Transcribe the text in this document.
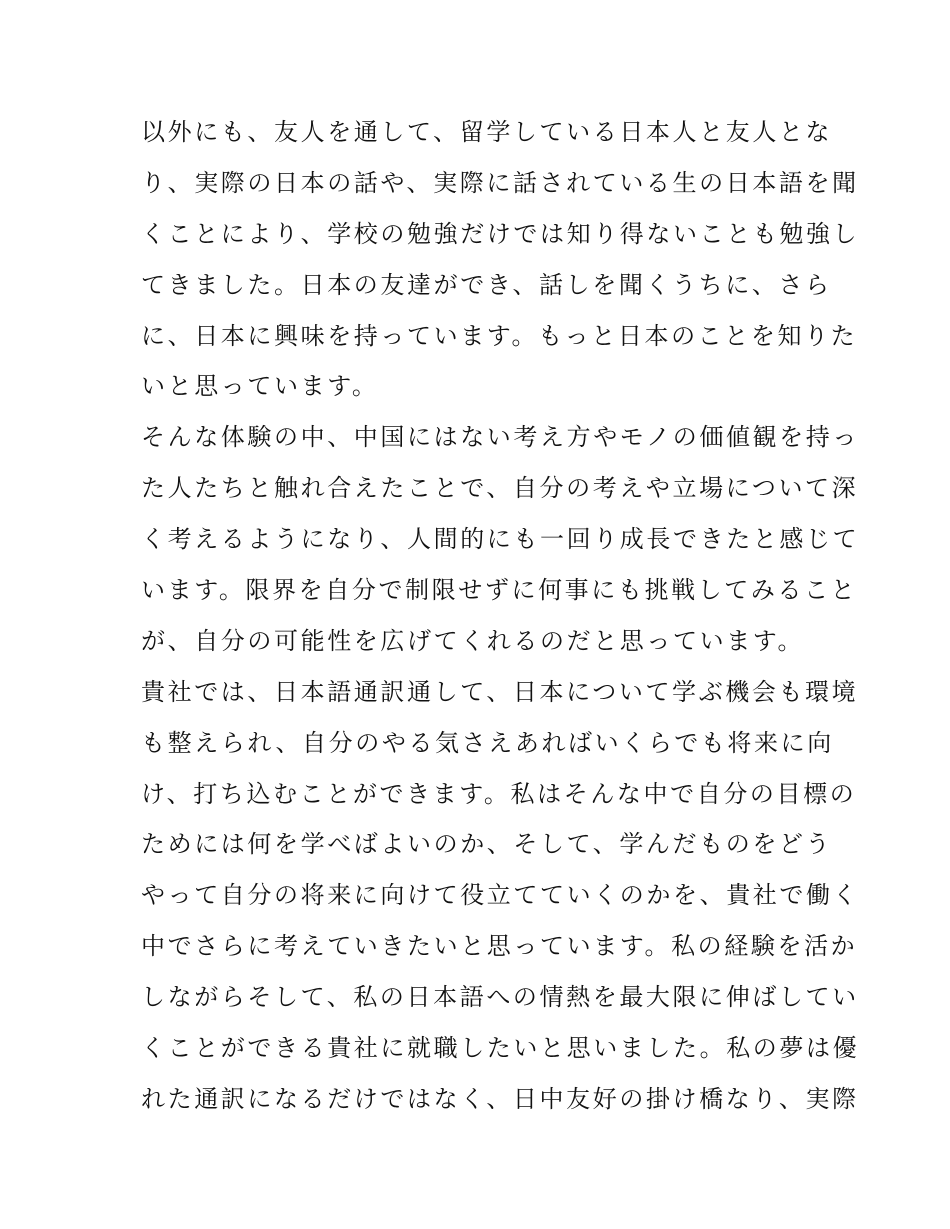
以外にも、友人を通して、留学している日本人と友人とな
り、実際の日本の話や、実際に話されている生の日本語を聞
くことにより、学校の勉強だけでは知り得ないことも勉強し
てきました。日本の友達ができ、話しを聞くうちに、さら
に、日本に興味を持っています。もっと日本のことを知りた
いと思っています。
そんな体験の中、中国にはない考え方やモノの価値観を持っ
た人たちと触れ合えたことで、自分の考えや立場について深
く考えるようになり、人間的にも一回り成長できたと感じて
います。限界を自分で制限せずに何事にも挑戦してみること
が、自分の可能性を広げてくれるのだと思っています。
貴社では、日本語通訳通して、日本について学ぶ機会も環境
も整えられ、自分のやる気さえあればいくらでも将来に向
け、打ち込むことができます。私はそんな中で自分の目標の
ためには何を学べばよいのか、そして、学んだものをどう
やって自分の将来に向けて役立てていくのかを、貴社で働く
中でさらに考えていきたいと思っています。私の経験を活か
しながらそして、私の日本語への情熱を最大限に伸ばしてい
くことができる貴社に就職したいと思いました。私の夢は優
れた通訳になるだけではなく、日中友好の掛け橋なり、実際
